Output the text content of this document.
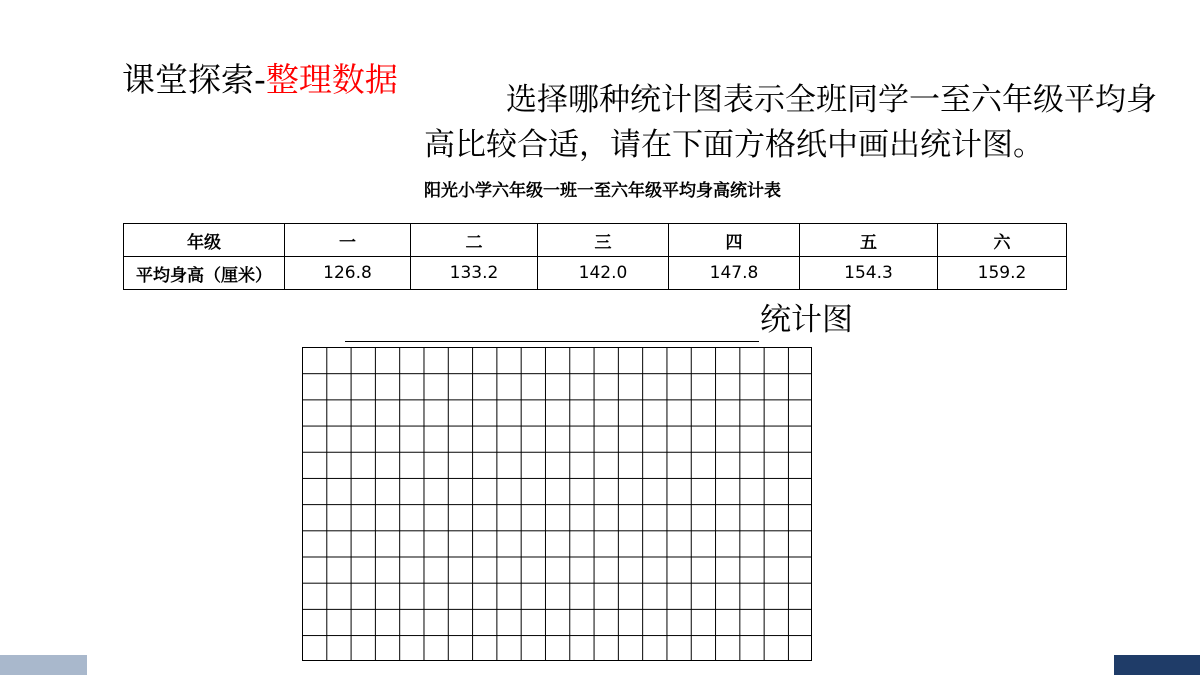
课堂探索-整理数据
选择哪种统计图表示全班同学一至六年级平均身高比较合适，请在下面方格纸中画出统计图。
阳光小学六年级一班一至六年级平均身高统计表
年级	一	二	三	四	五	六
平均身高（厘米）	126.8	133.2	142.0	147.8	154.3	159.2
统计图
